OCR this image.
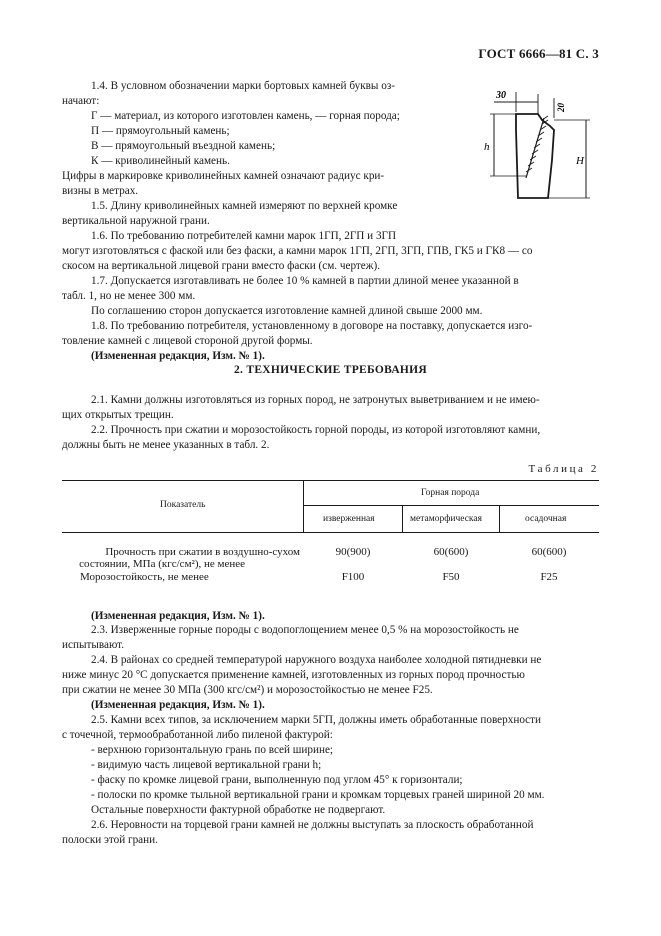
ГОСТ 6666—81 С. 3
30
20
h
H

1.4. В условном обозначении марки бортовых камней буквы оз-

начают:

Г — материал, из которого изготовлен камень, — горная порода;

П — прямоугольный камень;

В — прямоугольный въездной камень;

К — криволинейный камень.

Цифры в маркировке криволинейных камней означают радиус кри-

визны в метрах.

1.5. Длину криволинейных камней измеряют по верхней кромке

вертикальной наружной грани.

1.6. По требованию потребителей камни марок 1ГП, 2ГП и 3ГП

могут изготовляться с фаской или без фаски, а камни марок 1ГП, 2ГП, 3ГП, ГПВ, ГК5 и ГК8 — со

скосом на вертикальной лицевой грани вместо фаски (см. чертеж).

1.7. Допускается изготавливать не более 10 % камней в партии длиной менее указанной в

табл. 1, но не менее 300 мм.

По соглашению сторон допускается изготовление камней длиной свыше 2000 мм.

1.8. По требованию потребителя, установленному в договоре на поставку, допускается изго-

товление камней с лицевой стороной другой формы.

(Измененная редакция, Изм. № 1).

2. ТЕХНИЧЕСКИЕ ТРЕБОВАНИЯ

2.1. Камни должны изготовляться из горных пород, не затронутых выветриванием и не имею-

щих открытых трещин.

2.2. Прочность при сжатии и морозостойкость горной породы, из которой изготовляют камни,

должны быть не менее указанных в табл. 2.

Таблица 2
Показатель
Горная порода
изверженная	метаморфическая	осадочная
Прочность при сжатии в воздушно-сухом
состоянии, МПа (кгс/см²), не менее
90(900)	60(600)	60(600)
Морозостойкость, не менее	F100	F50	F25

(Измененная редакция, Изм. № 1).

2.3. Изверженные горные породы с водопоглощением менее 0,5 % на морозостойкость не

испытывают.

2.4. В районах со средней температурой наружного воздуха наиболее холодной пятидневки не

ниже минус 20 °С допускается применение камней, изготовленных из горных пород прочностью

при сжатии не менее 30 МПа (300 кгс/см²) и морозостойкостью не менее F25.

(Измененная редакция, Изм. № 1).

2.5. Камни всех типов, за исключением марки 5ГП, должны иметь обработанные поверхности

с точечной, термообработанной либо пиленой фактурой:

- верхнюю горизонтальную грань по всей ширине;

- видимую часть лицевой вертикальной грани h;

- фаску по кромке лицевой грани, выполненную под углом 45° к горизонтали;

- полоски по кромке тыльной вертикальной грани и кромкам торцевых граней шириной 20 мм.

Остальные поверхности фактурной обработке не подвергают.

2.6. Неровности на торцевой грани камней не должны выступать за плоскость обработанной

полоски этой грани.
